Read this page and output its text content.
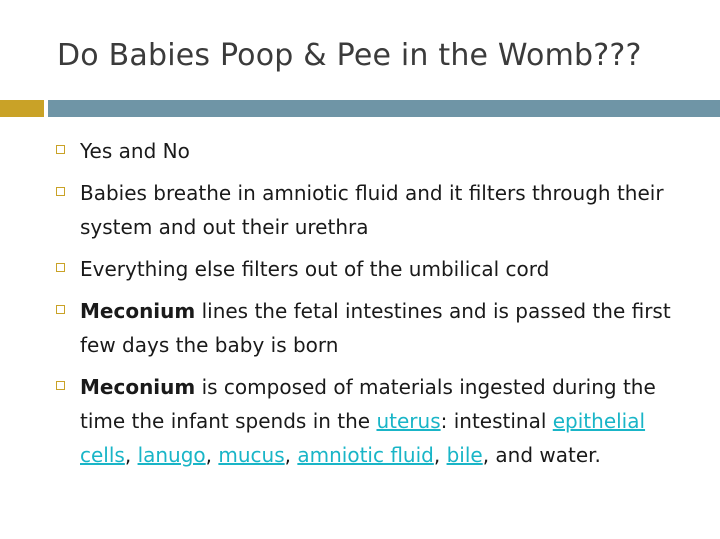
Do Babies Poop & Pee in the Womb???
Yes and No
Babies breathe in amniotic fluid and it filters through their system and out their urethra
Everything else filters out of the umbilical cord
Meconium lines the fetal intestines and is passed the first few days the baby is born
Meconium is composed of materials ingested during the time the infant spends in the uterus: intestinal epithelial cells, lanugo, mucus, amniotic fluid, bile, and water.
